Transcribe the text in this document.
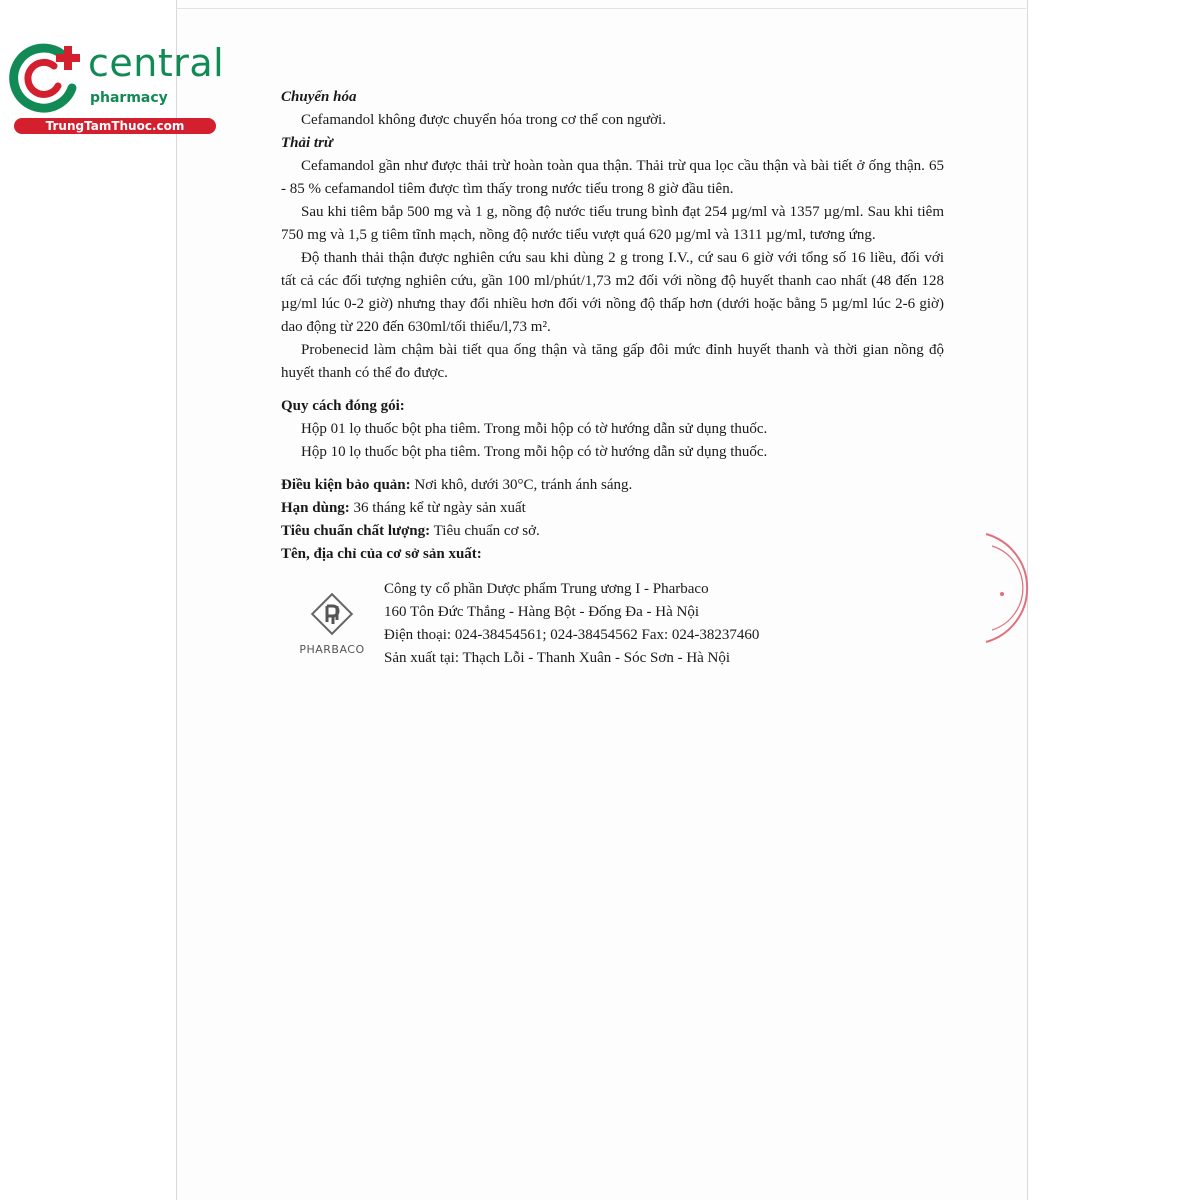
central
pharmacy
TrungTamThuoc.com
Chuyển hóa

Cefamandol không được chuyển hóa trong cơ thể con người.

Thải trừ

Cefamandol gần như được thải trừ hoàn toàn qua thận. Thải trừ qua lọc cầu thận và bài tiết ở ống thận. 65 - 85 % cefamandol tiêm được tìm thấy trong nước tiểu trong 8 giờ đầu tiên.

Sau khi tiêm bắp 500 mg và 1 g, nồng độ nước tiểu trung bình đạt 254 µg/ml và 1357 µg/ml. Sau khi tiêm 750 mg và 1,5 g tiêm tĩnh mạch, nồng độ nước tiểu vượt quá 620 µg/ml và 1311 µg/ml, tương ứng.

Độ thanh thải thận được nghiên cứu sau khi dùng 2 g trong I.V., cứ sau 6 giờ với tổng số 16 liều, đối với tất cả các đối tượng nghiên cứu, gần 100 ml/phút/1,73 m2 đối với nồng độ huyết thanh cao nhất (48 đến 128 µg/ml lúc 0-2 giờ) nhưng thay đổi nhiều hơn đối với nồng độ thấp hơn (dưới hoặc bằng 5 µg/ml lúc 2-6 giờ) dao động từ 220 đến 630ml/tối thiểu/l,73 m².

Probenecid làm chậm bài tiết qua ống thận và tăng gấp đôi mức đỉnh huyết thanh và thời gian nồng độ huyết thanh có thể đo được.

Quy cách đóng gói:

Hộp 01 lọ thuốc bột pha tiêm. Trong mỗi hộp có tờ hướng dẫn sử dụng thuốc.

Hộp 10 lọ thuốc bột pha tiêm. Trong mỗi hộp có tờ hướng dẫn sử dụng thuốc.

Điều kiện bảo quản: Nơi khô, dưới 30°C, tránh ánh sáng.
Hạn dùng: 36 tháng kể từ ngày sản xuất
Tiêu chuẩn chất lượng: Tiêu chuẩn cơ sở.
Tên, địa chỉ của cơ sở sản xuất:
PHARBACO
Công ty cổ phần Dược phẩm Trung ương I - Pharbaco
160 Tôn Đức Thắng - Hàng Bột - Đống Đa - Hà Nội
Điện thoại: 024-38454561; 024-38454562 Fax: 024-38237460
Sản xuất tại: Thạch Lỗi - Thanh Xuân - Sóc Sơn - Hà Nội
